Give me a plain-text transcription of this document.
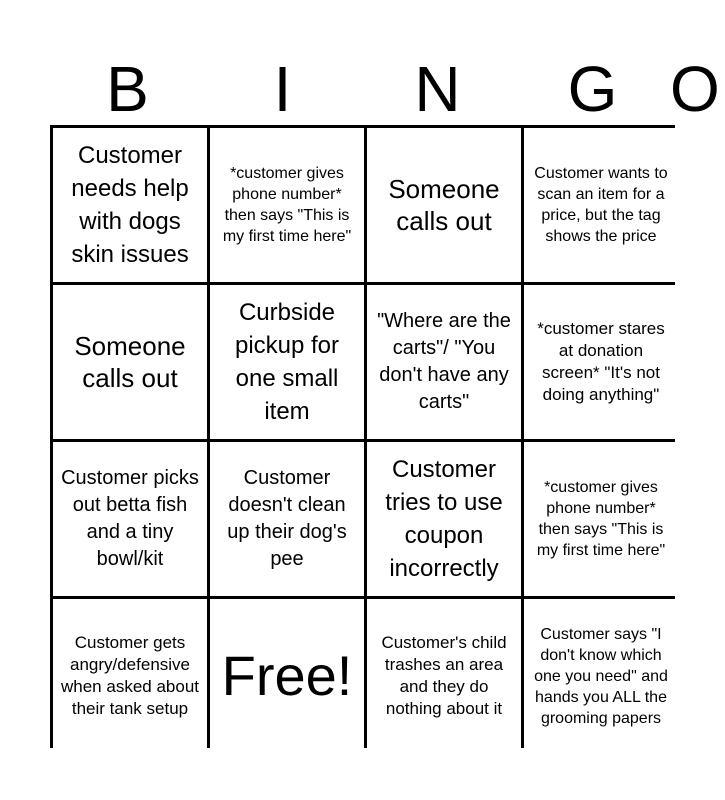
B	I	N	G O
Customer needs help with dogs skin issues
*customer gives phone number* then says "This is my first time here"
Someone calls out
Customer wants to scan an item for a price, but the tag shows the price
Someone calls out
Curbside pickup for one small item
"Where are the carts"/ "You don't have any carts"
*customer stares at donation screen* "It's not doing anything"
Customer picks out betta fish and a tiny bowl/kit
Customer doesn't clean up their dog's pee
Customer tries to use coupon incorrectly
*customer gives phone number* then says "This is my first time here"
Customer gets angry/defensive when asked about their tank setup
Free!
Customer's child trashes an area and they do nothing about it
Customer says "I don't know which one you need" and hands you ALL the grooming papers
